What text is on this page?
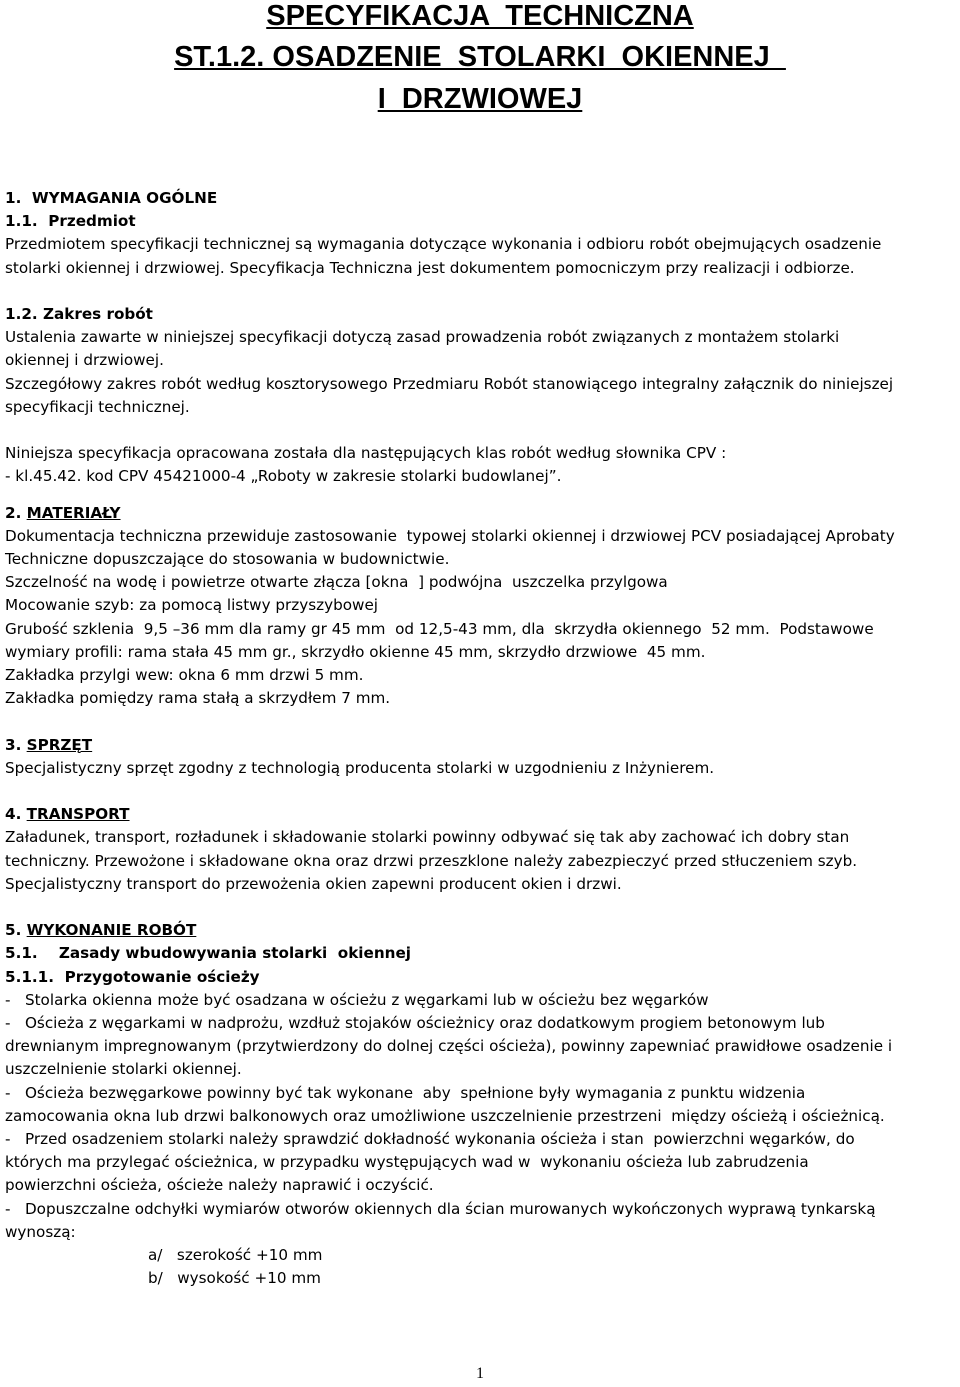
SPECYFIKACJA  TECHNICZNA
ST.1.2. OSADZENIE  STOLARKI  OKIENNEJ
I  DRZWIOWEJ
1.  WYMAGANIA OGÓLNE
1.1.  Przedmiot
Przedmiotem specyfikacji technicznej są wymagania dotyczące wykonania i odbioru robót obejmujących osadzenie
stolarki okiennej i drzwiowej. Specyfikacja Techniczna jest dokumentem pomocniczym przy realizacji i odbiorze.
1.2. Zakres robót
Ustalenia zawarte w niniejszej specyfikacji dotyczą zasad prowadzenia robót związanych z montażem stolarki
okiennej i drzwiowej.
Szczegółowy zakres robót według kosztorysowego Przedmiaru Robót stanowiącego integralny załącznik do niniejszej
specyfikacji technicznej.
Niniejsza specyfikacja opracowana została dla następujących klas robót według słownika CPV :
- kl.45.42. kod CPV 45421000-4 „Roboty w zakresie stolarki budowlanej”.
2. MATERIAŁY
Dokumentacja techniczna przewiduje zastosowanie  typowej stolarki okiennej i drzwiowej PCV posiadającej Aprobaty
Techniczne dopuszczające do stosowania w budownictwie.
Szczelność na wodę i powietrze otwarte złącza [okna  ] podwójna  uszczelka przylgowa
Mocowanie szyb: za pomocą listwy przyszybowej
Grubość szklenia  9,5 –36 mm dla ramy gr 45 mm  od 12,5-43 mm, dla  skrzydła okiennego  52 mm.  Podstawowe
wymiary profili: rama stała 45 mm gr., skrzydło okienne 45 mm, skrzydło drzwiowe  45 mm.
Zakładka przylgi wew: okna 6 mm drzwi 5 mm.
Zakładka pomiędzy rama stałą a skrzydłem 7 mm.
3. SPRZĘT
Specjalistyczny sprzęt zgodny z technologią producenta stolarki w uzgodnieniu z Inżynierem.
4. TRANSPORT
Załadunek, transport, rozładunek i składowanie stolarki powinny odbywać się tak aby zachować ich dobry stan
techniczny. Przewożone i składowane okna oraz drzwi przeszklone należy zabezpieczyć przed stłuczeniem szyb.
Specjalistyczny transport do przewożenia okien zapewni producent okien i drzwi.
5. WYKONANIE ROBÓT
5.1.    Zasady wbudowywania stolarki  okiennej
5.1.1.  Przygotowanie ościeży
-   Stolarka okienna może być osadzana w ościeżu z węgarkami lub w ościeżu bez węgarków
-   Ościeża z węgarkami w nadprożu, wzdłuż stojaków ościeżnicy oraz dodatkowym progiem betonowym lub
drewnianym impregnowanym (przytwierdzony do dolnej części ościeża), powinny zapewniać prawidłowe osadzenie i
uszczelnienie stolarki okiennej.
-   Ościeża bezwęgarkowe powinny być tak wykonane  aby  spełnione były wymagania z punktu widzenia
zamocowania okna lub drzwi balkonowych oraz umożliwione uszczelnienie przestrzeni  między ościeżą i ościeżnicą.
-   Przed osadzeniem stolarki należy sprawdzić dokładność wykonania ościeża i stan  powierzchni węgarków, do
których ma przylegać ościeżnica, w przypadku występujących wad w  wykonaniu ościeża lub zabrudzenia
powierzchni ościeża, ościeże należy naprawić i oczyścić.
-   Dopuszczalne odchyłki wymiarów otworów okiennych dla ścian murowanych wykończonych wyprawą tynkarską
wynoszą:
a/   szerokość +10 mm
b/   wysokość +10 mm
1
